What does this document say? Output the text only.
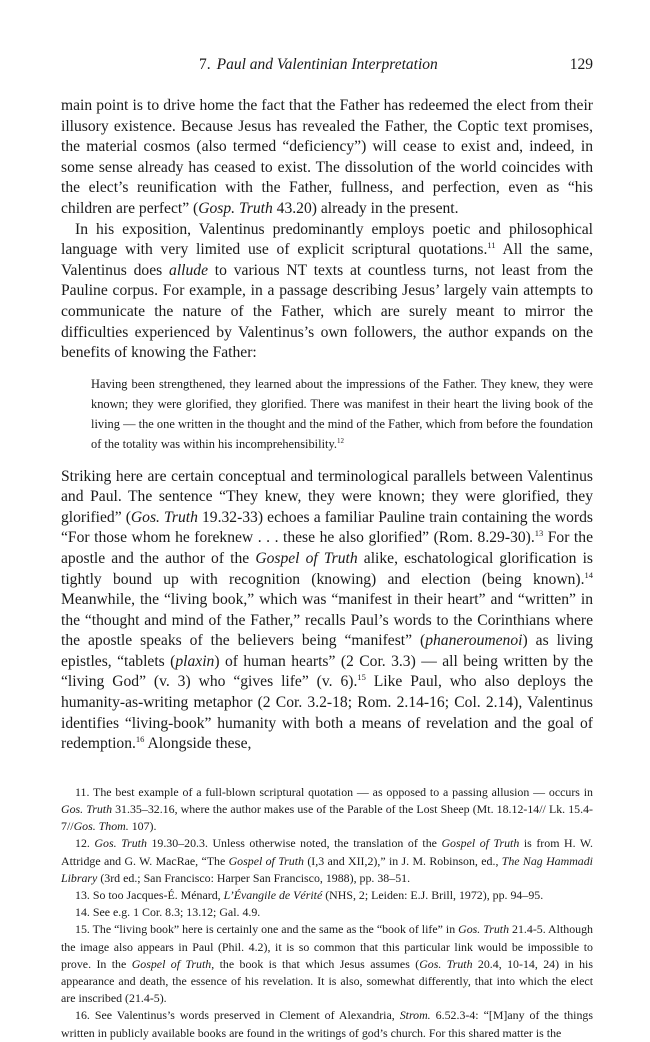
7. Paul and Valentinian Interpretation	129

main point is to drive home the fact that the Father has redeemed the elect from their illusory existence. Because Jesus has revealed the Father, the Coptic text promises, the material cosmos (also termed “deficiency”) will cease to exist and, indeed, in some sense already has ceased to exist. The dissolution of the world coincides with the elect’s reunification with the Father, fullness, and perfection, even as “his children are perfect” (Gosp. Truth 43.20) already in the present.

In his exposition, Valentinus predominantly employs poetic and philosophical language with very limited use of explicit scriptural quotations.$^{11}$ All the same, Valentinus does allude to various NT texts at countless turns, not least from the Pauline corpus. For example, in a passage describing Jesus’ largely vain attempts to communicate the nature of the Father, which are surely meant to mirror the difficulties experienced by Valentinus’s own followers, the author expands on the benefits of knowing the Father:

Having been strengthened, they learned about the impressions of the Father. They knew, they were known; they were glorified, they glorified. There was manifest in their heart the living book of the living — the one written in the thought and the mind of the Father, which from before the foundation of the totality was within his incomprehensibility.$^{12}$

Striking here are certain conceptual and terminological parallels between Valentinus and Paul. The sentence “They knew, they were known; they were glorified, they glorified” (Gos. Truth 19.32-33) echoes a familiar Pauline train containing the words “For those whom he foreknew . . . these he also glorified” (Rom. 8.29-30).$^{13}$ For the apostle and the author of the Gospel of Truth alike, eschatological glorification is tightly bound up with recognition (knowing) and election (being known).$^{14}$ Meanwhile, the “living book,” which was “manifest in their heart” and “written” in the “thought and mind of the Father,” recalls Paul’s words to the Corinthians where the apostle speaks of the believers being “manifest” (phaneroumenoi) as living epistles, “tablets (plaxin) of human hearts” (2 Cor. 3.3) — all being written by the “living God” (v. 3) who “gives life” (v. 6).$^{15}$ Like Paul, who also deploys the humanity-as-writing metaphor (2 Cor. 3.2-18; Rom. 2.14-16; Col. 2.14), Valentinus identifies “living-book” humanity with both a means of revelation and the goal of redemption.$^{16}$ Alongside these,

11. The best example of a full-blown scriptural quotation — as opposed to a passing allusion — occurs in Gos. Truth 31.35–32.16, where the author makes use of the Parable of the Lost Sheep (Mt. 18.12-14// Lk. 15.4-7//Gos. Thom. 107).

12. Gos. Truth 19.30–20.3. Unless otherwise noted, the translation of the Gospel of Truth is from H. W. Attridge and G. W. MacRae, “The Gospel of Truth (I,3 and XII,2),” in J. M. Robinson, ed., The Nag Hammadi Library (3rd ed.; San Francisco: Harper San Francisco, 1988), pp. 38–51.

13. So too Jacques-É. Ménard, L’Évangile de Vérité (NHS, 2; Leiden: E.J. Brill, 1972), pp. 94–95.

14. See e.g. 1 Cor. 8.3; 13.12; Gal. 4.9.

15. The “living book” here is certainly one and the same as the “book of life” in Gos. Truth 21.4-5. Although the image also appears in Paul (Phil. 4.2), it is so common that this particular link would be impossible to prove. In the Gospel of Truth, the book is that which Jesus assumes (Gos. Truth 20.4, 10-14, 24) in his appearance and death, the essence of his revelation. It is also, somewhat differently, that into which the elect are inscribed (21.4-5).

16. See Valentinus’s words preserved in Clement of Alexandria, Strom. 6.52.3-4: “[M]any of the things written in publicly available books are found in the writings of god’s church. For this shared matter is the
